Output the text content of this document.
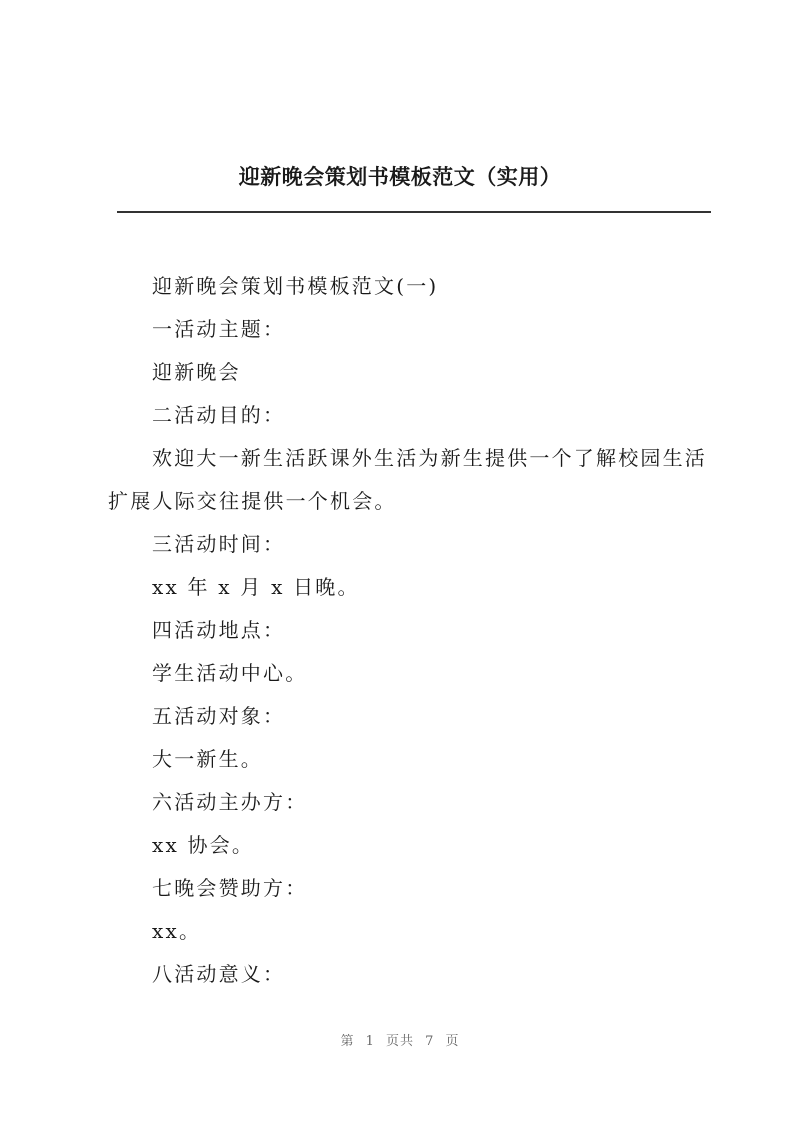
迎新晚会策划书模板范文（实用）

迎新晚会策划书模板范文(一)

一活动主题：

迎新晚会

二活动目的：

欢迎大一新生活跃课外生活为新生提供一个了解校园生活扩展人际交往提供一个机会。

三活动时间：

xx 年 x 月 x 日晚。

四活动地点：

学生活动中心。

五活动对象：

大一新生。

六活动主办方：

xx 协会。

七晚会赞助方：

xx。

八活动意义：

第 1 页共 7 页
